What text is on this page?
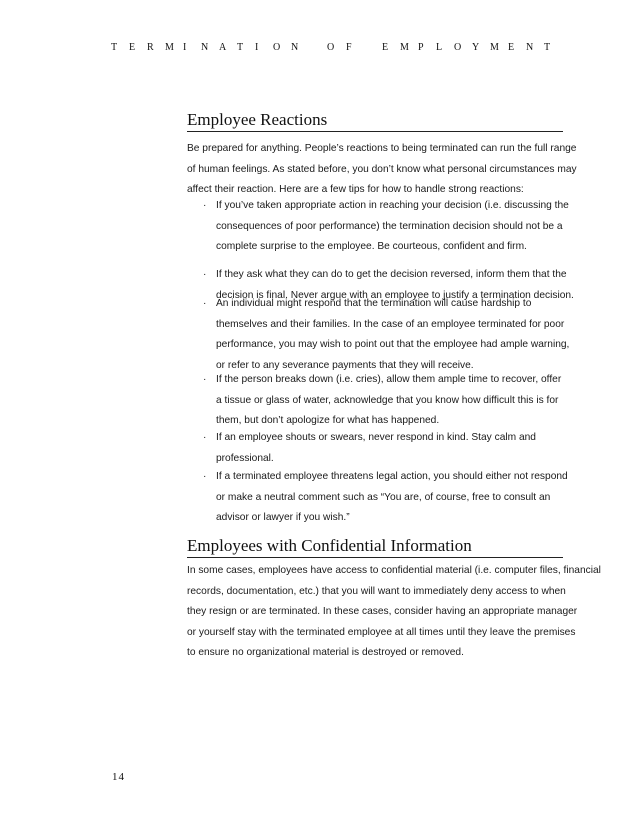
T E R M I N A T I O N	O F	E M P L O Y M E N T
Employee Reactions
Be prepared for anything. People’s reactions to being terminated can run the full range
of human feelings. As stated before, you don’t know what personal circumstances may
affect their reaction. Here are a few tips for how to handle strong reactions:
· If you’ve taken appropriate action in reaching your decision (i.e. discussing the
consequences of poor performance) the termination decision should not be a
complete surprise to the employee. Be courteous, confident and firm.
· If they ask what they can do to get the decision reversed, inform them that the
decision is final. Never argue with an employee to justify a termination decision.
· An individual might respond that the termination will cause hardship to
themselves and their families. In the case of an employee terminated for poor
performance, you may wish to point out that the employee had ample warning,
or refer to any severance payments that they will receive.
· If the person breaks down (i.e. cries), allow them ample time to recover, offer
a tissue or glass of water, acknowledge that you know how difficult this is for
them, but don’t apologize for what has happened.
· If an employee shouts or swears, never respond in kind. Stay calm and
professional.
· If a terminated employee threatens legal action, you should either not respond
or make a neutral comment such as “You are, of course, free to consult an
advisor or lawyer if you wish.”
Employees with Confidential Information
In some cases, employees have access to confidential material (i.e. computer files, financial
records, documentation, etc.) that you will want to immediately deny access to when
they resign or are terminated. In these cases, consider having an appropriate manager
or yourself stay with the terminated employee at all times until they leave the premises
to ensure no organizational material is destroyed or removed.
14
